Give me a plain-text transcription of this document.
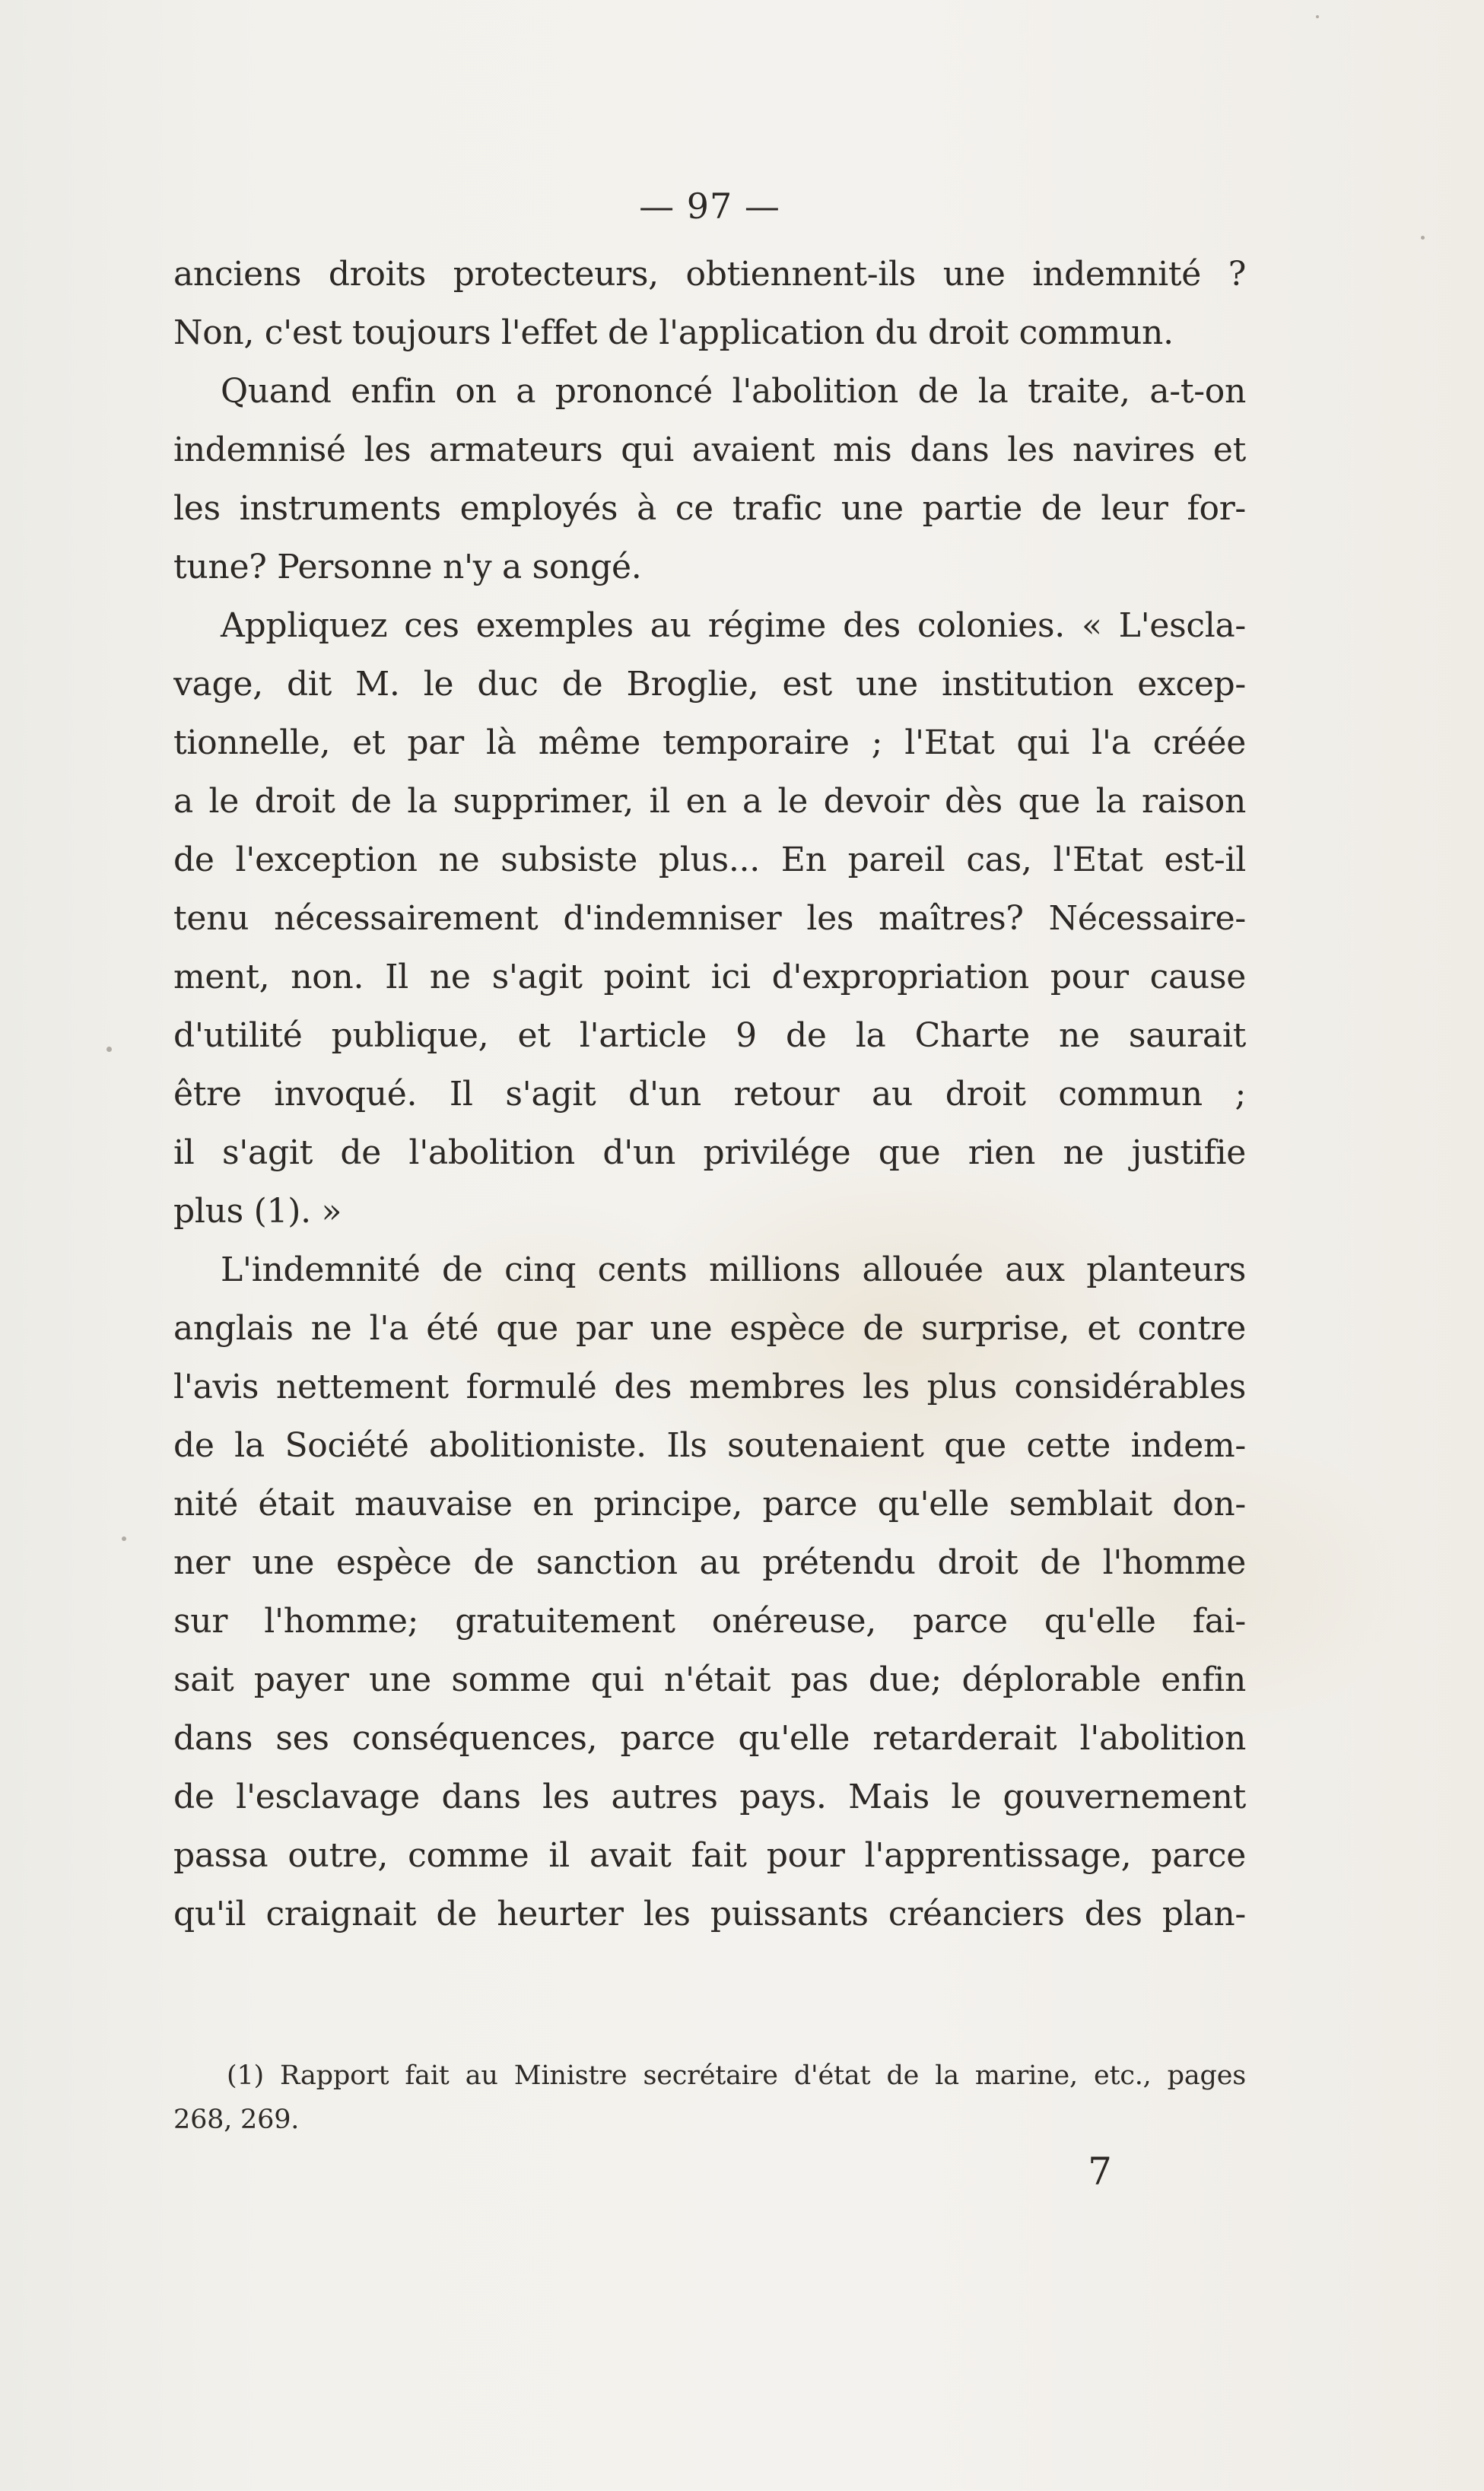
— 97 —
anciens droits protecteurs, obtiennent-ils une indemnité ?
Non, c'est toujours l'effet de l'application du droit commun.
Quand enfin on a prononcé l'abolition de la traite, a-t-on
indemnisé les armateurs qui avaient mis dans les navires et
les instruments employés à ce trafic une partie de leur for-
tune? Personne n'y a songé.
Appliquez ces exemples au régime des colonies. « L'escla-
vage, dit M. le duc de Broglie, est une institution excep-
tionnelle, et par là même temporaire ; l'Etat qui l'a créée
a le droit de la supprimer, il en a le devoir dès que la raison
de l'exception ne subsiste plus... En pareil cas, l'Etat est-il
tenu nécessairement d'indemniser les maîtres? Nécessaire-
ment, non. Il ne s'agit point ici d'expropriation pour cause
d'utilité publique, et l'article 9 de la Charte ne saurait
être invoqué. Il s'agit d'un retour au droit commun ;
il s'agit de l'abolition d'un privilége que rien ne justifie
plus (1). »
L'indemnité de cinq cents millions allouée aux planteurs
anglais ne l'a été que par une espèce de surprise, et contre
l'avis nettement formulé des membres les plus considérables
de la Société abolitioniste. Ils soutenaient que cette indem-
nité était mauvaise en principe, parce qu'elle semblait don-
ner une espèce de sanction au prétendu droit de l'homme
sur l'homme; gratuitement onéreuse, parce qu'elle fai-
sait payer une somme qui n'était pas due; déplorable enfin
dans ses conséquences, parce qu'elle retarderait l'abolition
de l'esclavage dans les autres pays. Mais le gouvernement
passa outre, comme il avait fait pour l'apprentissage, parce
qu'il craignait de heurter les puissants créanciers des plan-
(1) Rapport fait au Ministre secrétaire d'état de la marine, etc., pages
268, 269.
7
